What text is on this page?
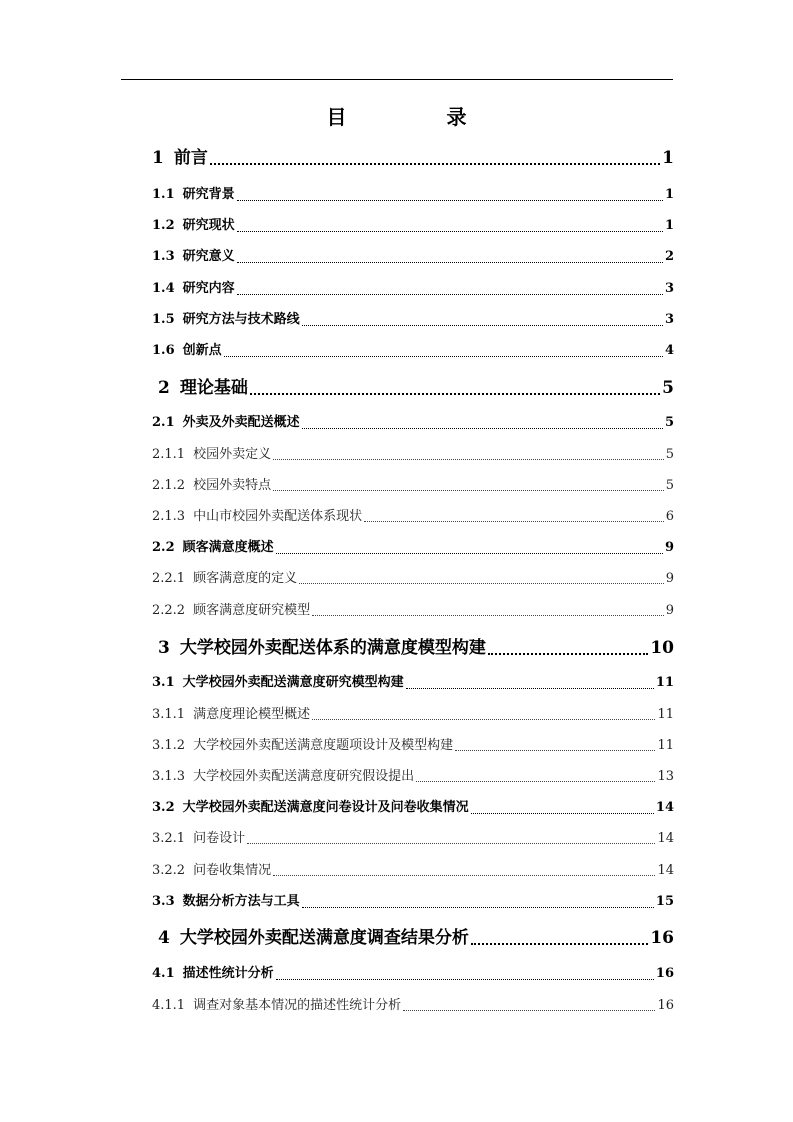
目　录
1 前言	1
1.1 研究背景	1
1.2 研究现状	1
1.3 研究意义	2
1.4 研究内容	3
1.5 研究方法与技术路线	3
1.6 创新点	4
2 理论基础	5
2.1 外卖及外卖配送概述	5
2.1.1 校园外卖定义	5
2.1.2 校园外卖特点	5
2.1.3 中山市校园外卖配送体系现状	6
2.2 顾客满意度概述	9
2.2.1 顾客满意度的定义	9
2.2.2 顾客满意度研究模型	9
3 大学校园外卖配送体系的满意度模型构建	10
3.1 大学校园外卖配送满意度研究模型构建	11
3.1.1 满意度理论模型概述	11
3.1.2 大学校园外卖配送满意度题项设计及模型构建	11
3.1.3 大学校园外卖配送满意度研究假设提出	13
3.2 大学校园外卖配送满意度问卷设计及问卷收集情况	14
3.2.1 问卷设计	14
3.2.2 问卷收集情况	14
3.3 数据分析方法与工具	15
4 大学校园外卖配送满意度调查结果分析	16
4.1 描述性统计分析	16
4.1.1 调查对象基本情况的描述性统计分析	16
